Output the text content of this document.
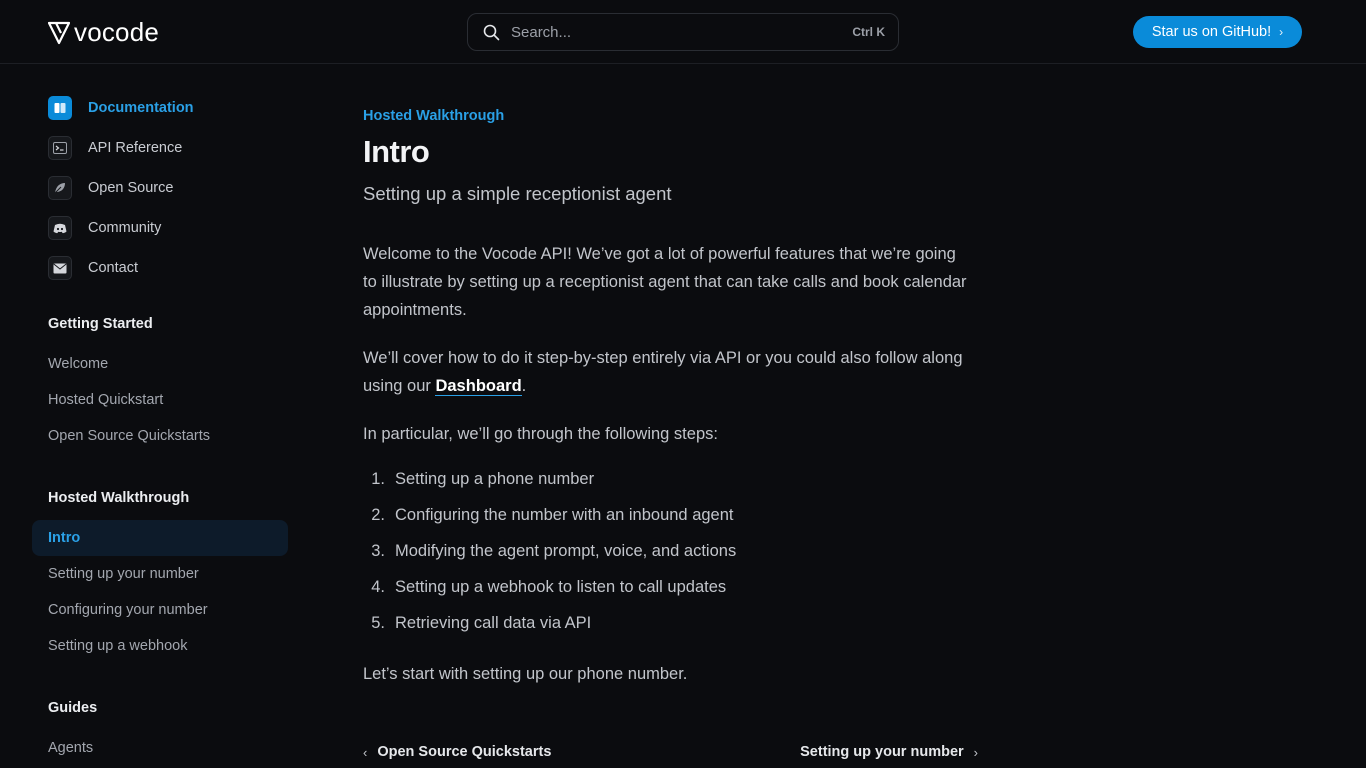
vocode	Search...	Ctrl K	Star us on GitHub! ›
Documentation
API Reference
Open Source
Community
Contact
Getting Started
Welcome
Hosted Quickstart
Open Source Quickstarts
Hosted Walkthrough
Intro
Setting up your number
Configuring your number
Setting up a webhook
Guides
Agents
Hosted Walkthrough
Intro

Setting up a simple receptionist agent

Welcome to the Vocode API! We’ve got a lot of powerful features that we’re going to illustrate by setting up a receptionist agent that can take calls and book calendar appointments.

We’ll cover how to do it step-by-step entirely via API or you could also follow along using our Dashboard.

In particular, we’ll go through the following steps:

1. Setting up a phone number
2. Configuring the number with an inbound agent
3. Modifying the agent prompt, voice, and actions
4. Setting up a webhook to listen to call updates
5. Retrieving call data via API

Let’s start with setting up our phone number.

‹ Open Source Quickstarts	Setting up your number ›
